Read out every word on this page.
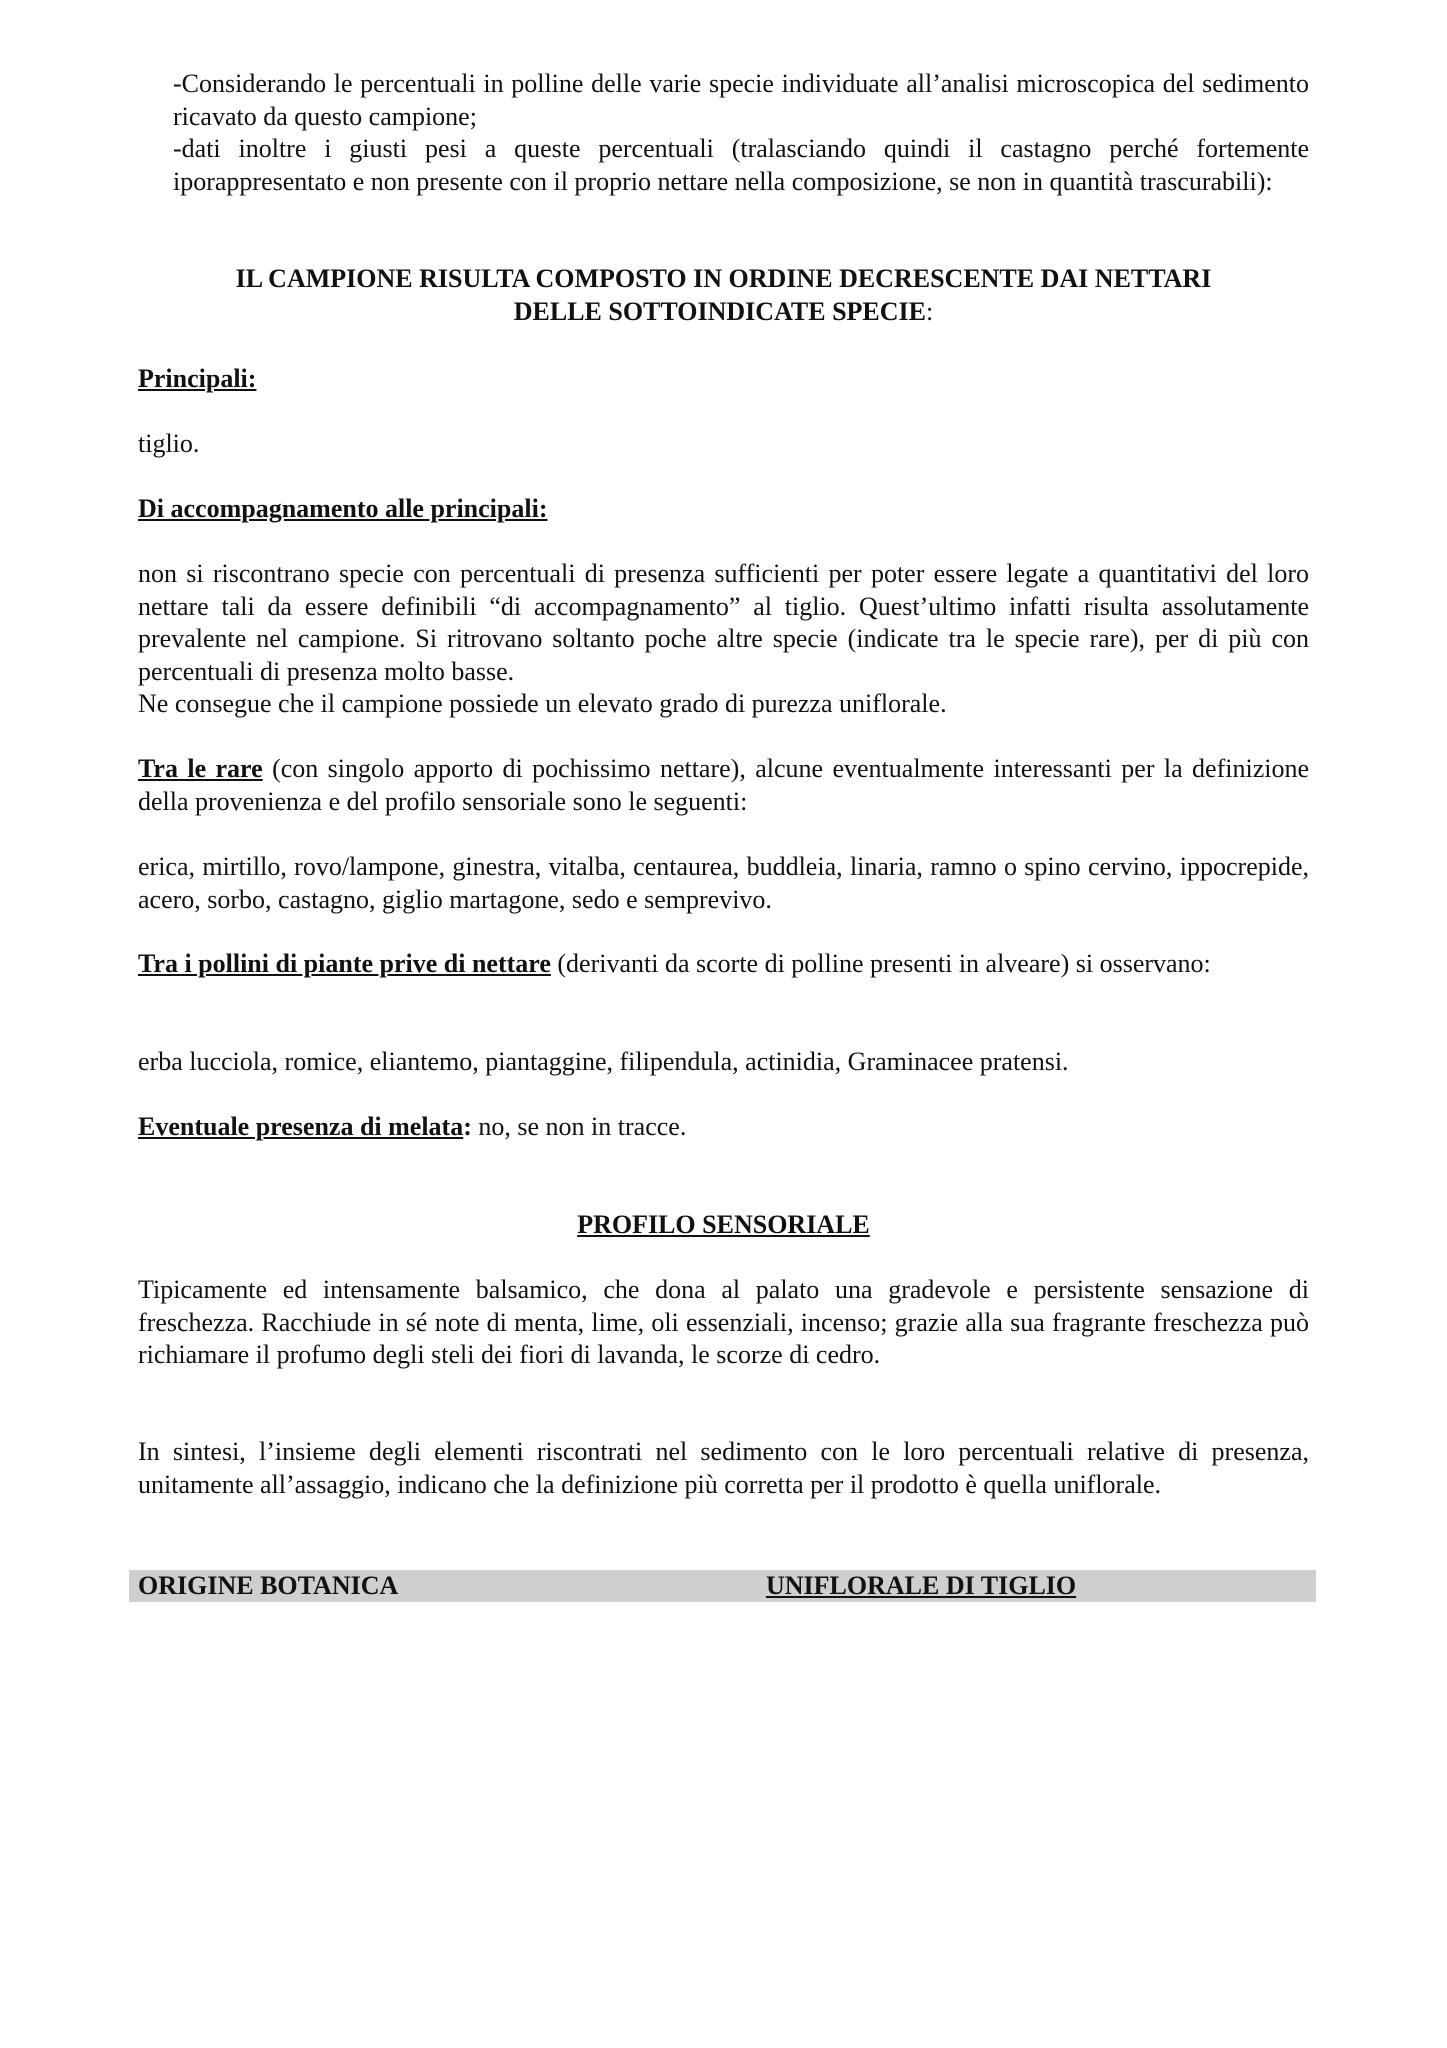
-Considerando le percentuali in polline delle varie specie individuate all’analisi microscopica del sedimento ricavato da questo campione;

-dati inoltre i giusti pesi a queste percentuali (tralasciando quindi il castagno perché fortemente iporappresentato e non presente con il proprio nettare nella composizione, se non in quantità trascurabili):

IL CAMPIONE RISULTA COMPOSTO IN ORDINE DECRESCENTE DAI NETTARI

DELLE SOTTOINDICATE SPECIE:

Principali:

tiglio.

Di accompagnamento alle principali:

non si riscontrano specie con percentuali di presenza sufficienti per poter essere legate a quantitativi del loro nettare tali da essere definibili “di accompagnamento” al tiglio. Quest’ultimo infatti risulta assolutamente prevalente nel campione. Si ritrovano soltanto poche altre specie (indicate tra le specie rare), per di più con percentuali di presenza molto basse.

Ne consegue che il campione possiede un elevato grado di purezza uniflorale.

Tra le rare (con singolo apporto di pochissimo nettare), alcune eventualmente interessanti per la definizione della provenienza e del profilo sensoriale sono le seguenti:

erica, mirtillo, rovo/lampone, ginestra, vitalba, centaurea, buddleia, linaria, ramno o spino cervino, ippocrepide, acero, sorbo, castagno, giglio martagone, sedo e semprevivo.

Tra i pollini di piante prive di nettare (derivanti da scorte di polline presenti in alveare) si osservano:

erba lucciola, romice, eliantemo, piantaggine, filipendula, actinidia, Graminacee pratensi.

Eventuale presenza di melata: no, se non in tracce.

PROFILO SENSORIALE

Tipicamente ed intensamente balsamico, che dona al palato una gradevole e persistente sensazione di freschezza. Racchiude in sé note di menta, lime, oli essenziali, incenso; grazie alla sua fragrante freschezza può richiamare il profumo degli steli dei fiori di lavanda, le scorze di cedro.

In sintesi, l’insieme degli elementi riscontrati nel sedimento con le loro percentuali relative di presenza, unitamente all’assaggio, indicano che la definizione più corretta per il prodotto è quella uniflorale.

ORIGINE BOTANICA	UNIFLORALE DI TIGLIO
